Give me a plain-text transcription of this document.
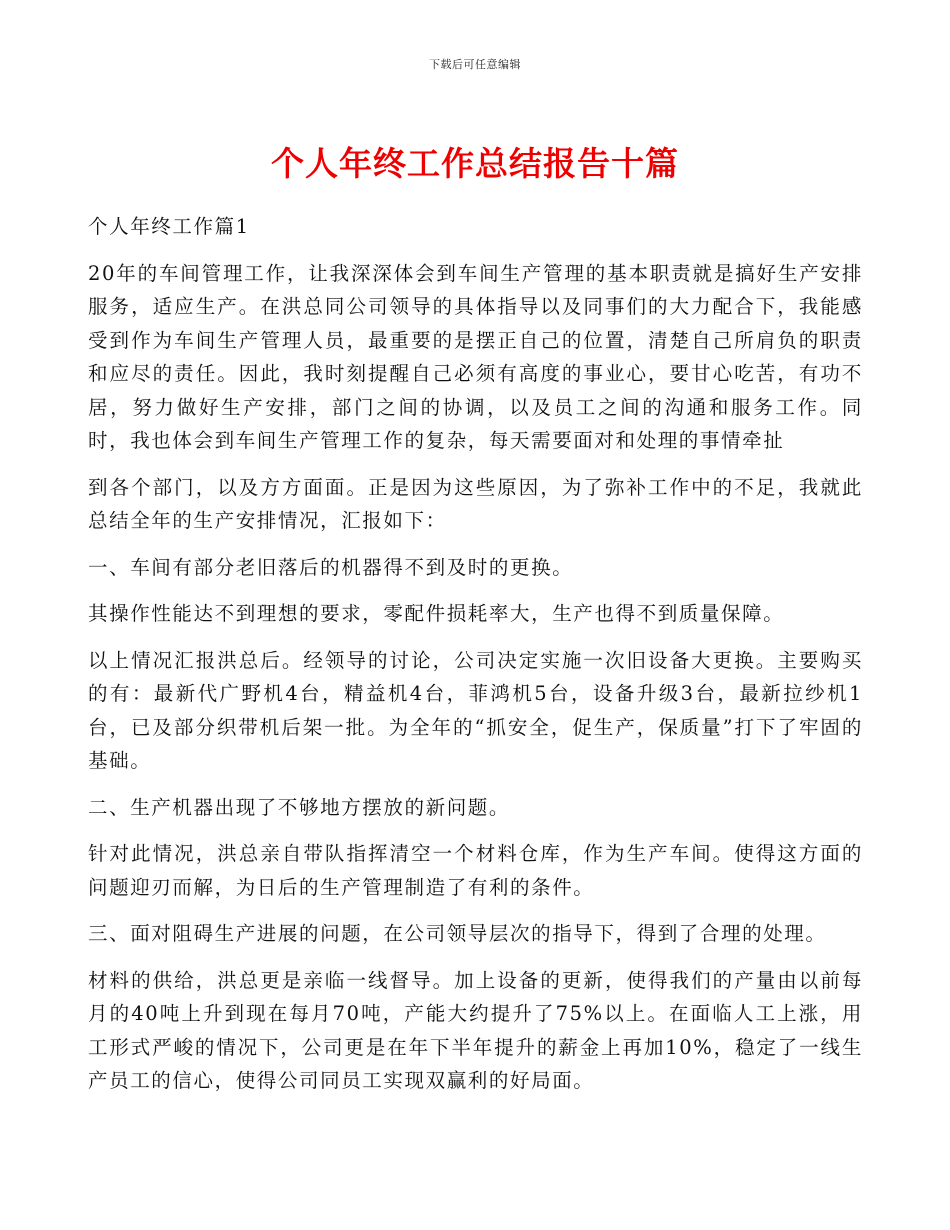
下载后可任意编辑
个人年终工作总结报告十篇

个人年终工作篇1

20年的车间管理工作，让我深深体会到车间生产管理的基本职责就是搞好生产安排服务，适应生产。在洪总同公司领导的具体指导以及同事们的大力配合下，我能感受到作为车间生产管理人员，最重要的是摆正自己的位置，清楚自己所肩负的职责和应尽的责任。因此，我时刻提醒自己必须有高度的事业心，要甘心吃苦，有功不居，努力做好生产安排，部门之间的协调，以及员工之间的沟通和服务工作。同时，我也体会到车间生产管理工作的复杂，每天需要面对和处理的事情牵扯

到各个部门，以及方方面面。正是因为这些原因，为了弥补工作中的不足，我就此总结全年的生产安排情况，汇报如下：

一、车间有部分老旧落后的机器得不到及时的更换。

其操作性能达不到理想的要求，零配件损耗率大，生产也得不到质量保障。

以上情况汇报洪总后。经领导的讨论，公司决定实施一次旧设备大更换。主要购买的有：最新代广野机4台，精益机4台，菲鸿机5台，设备升级3台，最新拉纱机1台，已及部分织带机后架一批。为全年的“抓安全，促生产，保质量”打下了牢固的基础。

二、生产机器出现了不够地方摆放的新问题。

针对此情况，洪总亲自带队指挥清空一个材料仓库，作为生产车间。使得这方面的问题迎刃而解，为日后的生产管理制造了有利的条件。

三、面对阻碍生产进展的问题，在公司领导层次的指导下，得到了合理的处理。

材料的供给，洪总更是亲临一线督导。加上设备的更新，使得我们的产量由以前每月的40吨上升到现在每月70吨，产能大约提升了75%以上。在面临人工上涨，用工形式严峻的情况下，公司更是在年下半年提升的薪金上再加10%，稳定了一线生产员工的信心，使得公司同员工实现双赢利的好局面。
